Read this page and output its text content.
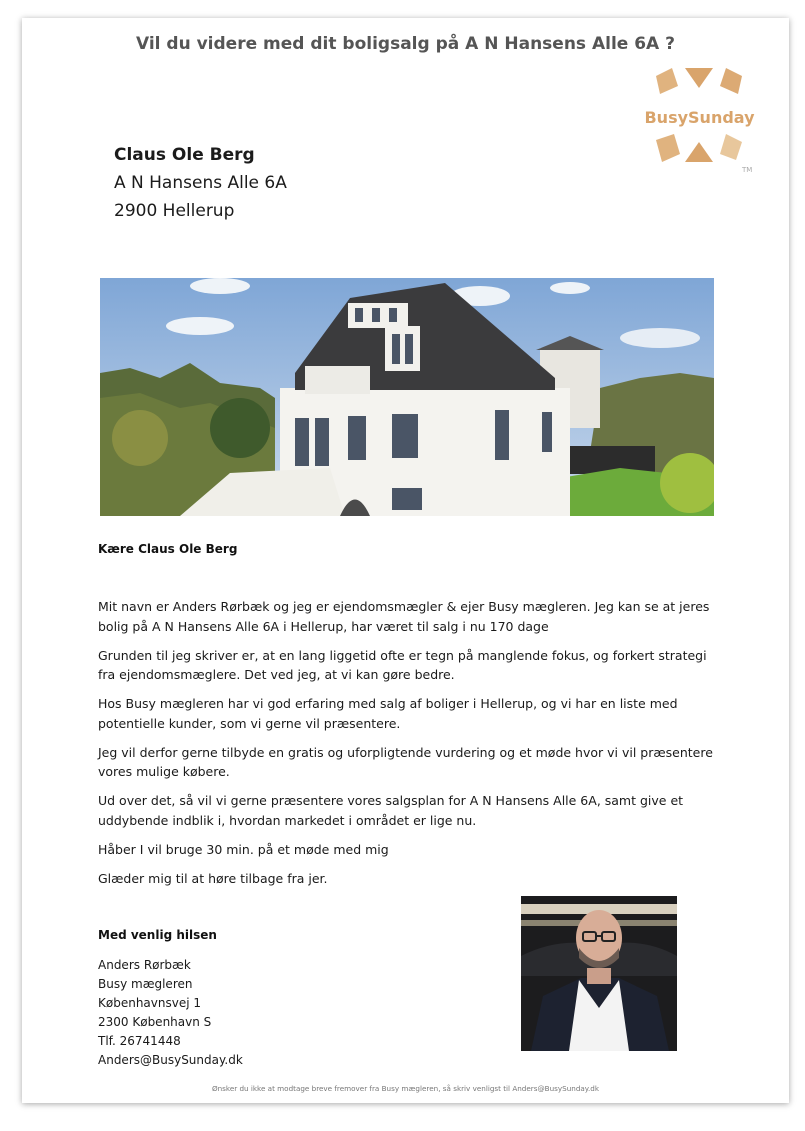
Vil du videre med dit boligsalg på A N Hansens Alle 6A ?
BusySunday
TM
Claus Ole Berg
A N Hansens Alle 6A
2900 Hellerup
Kære Claus Ole Berg

Mit navn er Anders Rørbæk og jeg er ejendomsmægler & ejer Busy mægleren. Jeg kan se at jeres bolig på A N Hansens Alle 6A i Hellerup, har været til salg i nu 170 dage

Grunden til jeg skriver er, at en lang liggetid ofte er tegn på manglende fokus, og forkert strategi fra ejendomsmæglere. Det ved jeg, at vi kan gøre bedre.

Hos Busy mægleren har vi god erfaring med salg af boliger i Hellerup, og vi har en liste med potentielle kunder, som vi gerne vil præsentere.

Jeg vil derfor gerne tilbyde en gratis og uforpligtende vurdering og et møde hvor vi vil præsentere vores mulige købere.

Ud over det, så vil vi gerne præsentere vores salgsplan for A N Hansens Alle 6A, samt give et uddybende indblik i, hvordan markedet i området er lige nu.

Håber I vil bruge 30 min. på et møde med mig

Glæder mig til at høre tilbage fra jer.

Med venlig hilsen
Anders Rørbæk
Busy mægleren
Københavnsvej 1
2300 København S
Tlf. 26741448
Anders@BusySunday.dk
Ønsker du ikke at modtage breve fremover fra Busy mægleren, så skriv venligst til Anders@BusySunday.dk
